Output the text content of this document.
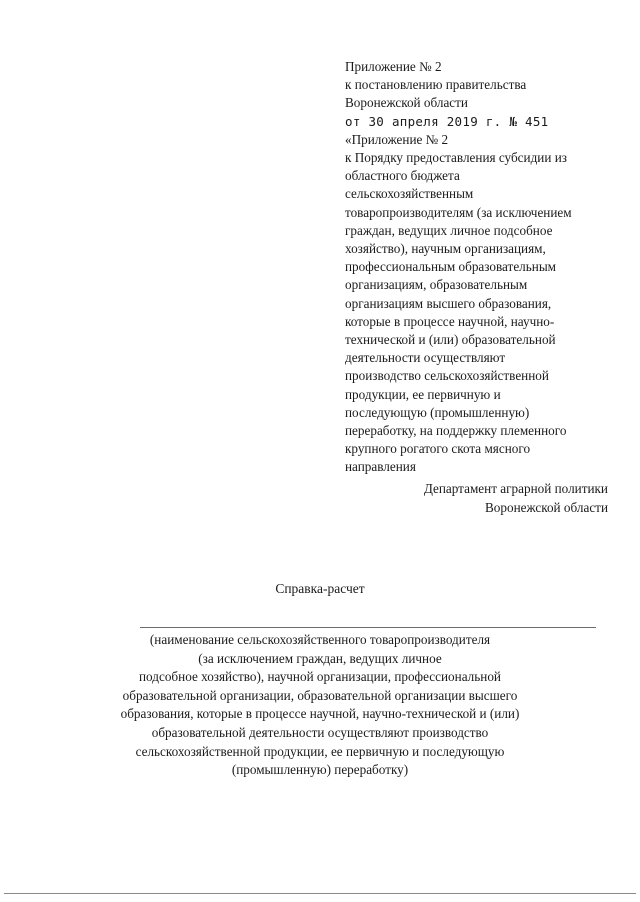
Приложение № 2
к постановлению правительства
Воронежской области
от 30 апреля 2019 г. № 451
«Приложение № 2
к Порядку предоставления субсидии из
областного бюджета
сельскохозяйственным
товаропроизводителям (за исключением
граждан, ведущих личное подсобное
хозяйство), научным организациям,
профессиональным образовательным
организациям, образовательным
организациям высшего образования,
которые в процессе научной, научно-
технической и (или) образовательной
деятельности осуществляют
производство сельскохозяйственной
продукции, ее первичную и
последующую (промышленную)
переработку, на поддержку племенного
крупного рогатого скота мясного
направления
Департамент аграрной политики
Воронежской области
Справка-расчет
(наименование сельскохозяйственного товаропроизводителя
(за исключением граждан, ведущих личное
подсобное хозяйство), научной организации, профессиональной
образовательной организации, образовательной организации высшего
образования, которые в процессе научной, научно-технической и (или)
образовательной деятельности осуществляют производство
сельскохозяйственной продукции, ее первичную и последующую
(промышленную) переработку)
